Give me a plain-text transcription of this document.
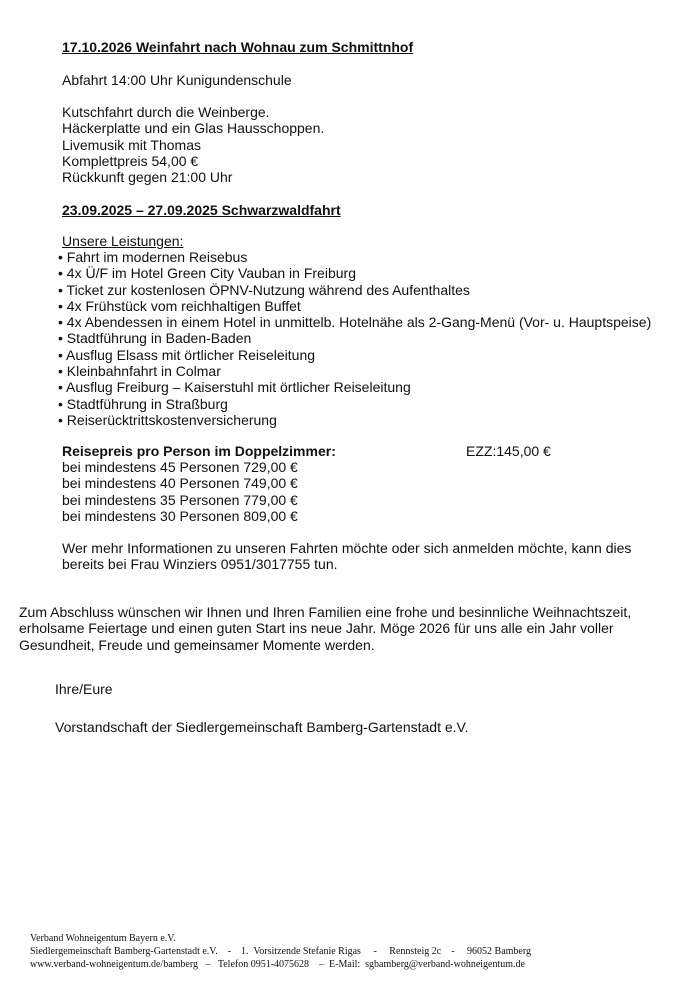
17.10.2026 Weinfahrt nach Wohnau zum Schmittnhof
Abfahrt 14:00 Uhr Kunigundenschule
Kutschfahrt durch die Weinberge.
Häckerplatte und ein Glas Hausschoppen.
Livemusik mit Thomas
Komplettpreis 54,00 €
Rückkunft gegen 21:00 Uhr
23.09.2025 – 27.09.2025 Schwarzwaldfahrt
Unsere Leistungen:
• Fahrt im modernen Reisebus
• 4x Ü/F im Hotel Green City Vauban in Freiburg
• Ticket zur kostenlosen ÖPNV-Nutzung während des Aufenthaltes
• 4x Frühstück vom reichhaltigen Buffet
• 4x Abendessen in einem Hotel in unmittelb. Hotelnähe als 2-Gang-Menü (Vor- u. Hauptspeise)
• Stadtführung in Baden-Baden
• Ausflug Elsass mit örtlicher Reiseleitung
• Kleinbahnfahrt in Colmar
• Ausflug Freiburg – Kaiserstuhl mit örtlicher Reiseleitung
• Stadtführung in Straßburg
• Reiserücktrittskostenversicherung
Reisepreis pro Person im Doppelzimmer:	EZZ:145,00 €
bei mindestens 45 Personen 729,00 €
bei mindestens 40 Personen 749,00 €
bei mindestens 35 Personen 779,00 €
bei mindestens 30 Personen 809,00 €
Wer mehr Informationen zu unseren Fahrten möchte oder sich anmelden möchte, kann dies
bereits bei Frau Winziers 0951/3017755 tun.
Zum Abschluss wünschen wir Ihnen und Ihren Familien eine frohe und besinnliche Weihnachtszeit,
erholsame Feiertage und einen guten Start ins neue Jahr. Möge 2026 für uns alle ein Jahr voller
Gesundheit, Freude und gemeinsamer Momente werden.
Ihre/Eure
Vorstandschaft der Siedlergemeinschaft Bamberg-Gartenstadt e.V.
Verband Wohneigentum Bayern e.V.
Siedlergemeinschaft Bamberg-Gartenstadt e.V.    -    1.  Vorsitzende Stefanie Rigas     -     Rennsteig 2c    -     96052 Bamberg
www.verband-wohneigentum.de/bamberg   –   Telefon 0951-4075628    –  E-Mail:  sgbamberg@verband-wohneigentum.de
